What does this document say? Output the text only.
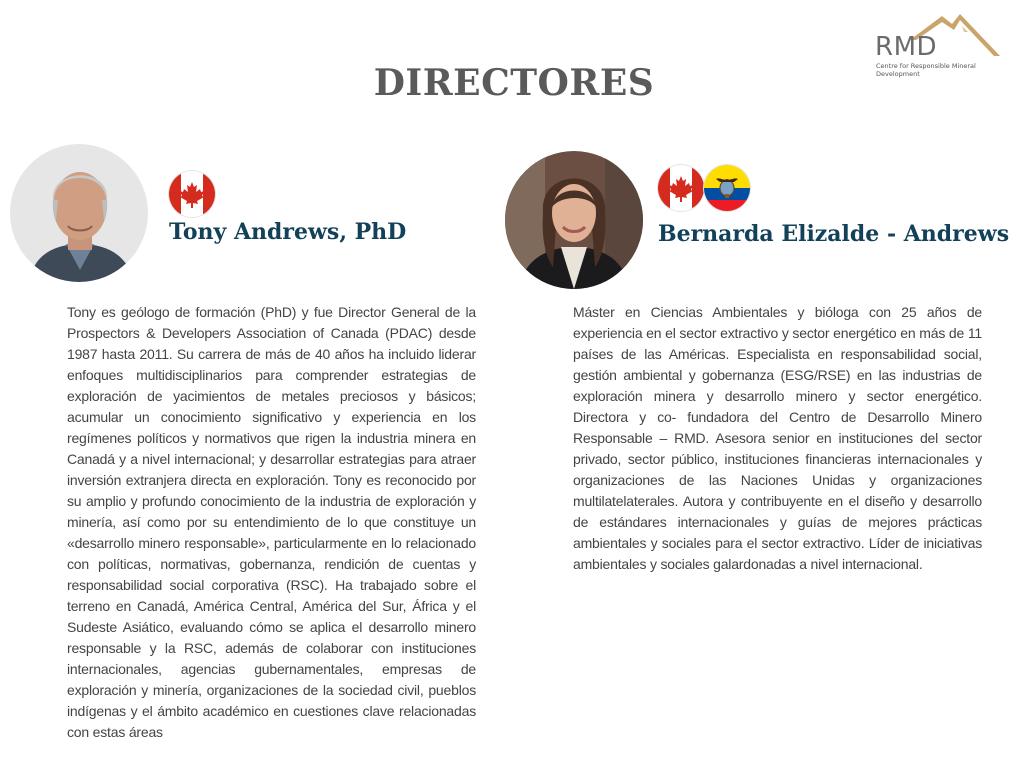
RMD
Centre for Responsible Mineral Development
DIRECTORES
Tony Andrews, PhD

Tony es geólogo de formación (PhD) y fue Director General de la Prospectors & Developers Association of Canada (PDAC) desde 1987 hasta 2011. Su carrera de más de 40 años ha incluido liderar enfoques multidisciplinarios para comprender estrategias de exploración de yacimientos de metales preciosos y básicos; acumular un conocimiento significativo y experiencia en los regímenes políticos y normativos que rigen la industria minera en Canadá y a nivel internacional; y desarrollar estrategias para atraer inversión extranjera directa en exploración. Tony es reconocido por su amplio y profundo conocimiento de la industria de exploración y minería, así como por su entendimiento de lo que constituye un «desarrollo minero responsable», particularmente en lo relacionado con políticas, normativas, gobernanza, rendición de cuentas y responsabilidad social corporativa (RSC). Ha trabajado sobre el terreno en Canadá, América Central, América del Sur, África y el Sudeste Asiático, evaluando cómo se aplica el desarrollo minero responsable y la RSC, además de colaborar con instituciones internacionales, agencias gubernamentales, empresas de exploración y minería, organizaciones de la sociedad civil, pueblos indígenas y el ámbito académico en cuestiones clave relacionadas con estas áreas

Bernarda Elizalde - Andrews

Máster en Ciencias Ambientales y bióloga con 25 años de experiencia en el sector extractivo y sector energético en más de 11 países de las Américas. Especialista en responsabilidad social, gestión ambiental y gobernanza (ESG/RSE) en las industrias de exploración minera y desarrollo minero y sector energético. Directora y co- fundadora del Centro de Desarrollo Minero Responsable – RMD. Asesora senior en instituciones del sector privado, sector público, instituciones financieras internacionales y organizaciones de las Naciones Unidas y organizaciones multilatelaterales. Autora y contribuyente en el diseño y desarrollo de estándares internacionales y guías de mejores prácticas ambientales y sociales para el sector extractivo. Líder de iniciativas ambientales y sociales galardonadas a nivel internacional.
